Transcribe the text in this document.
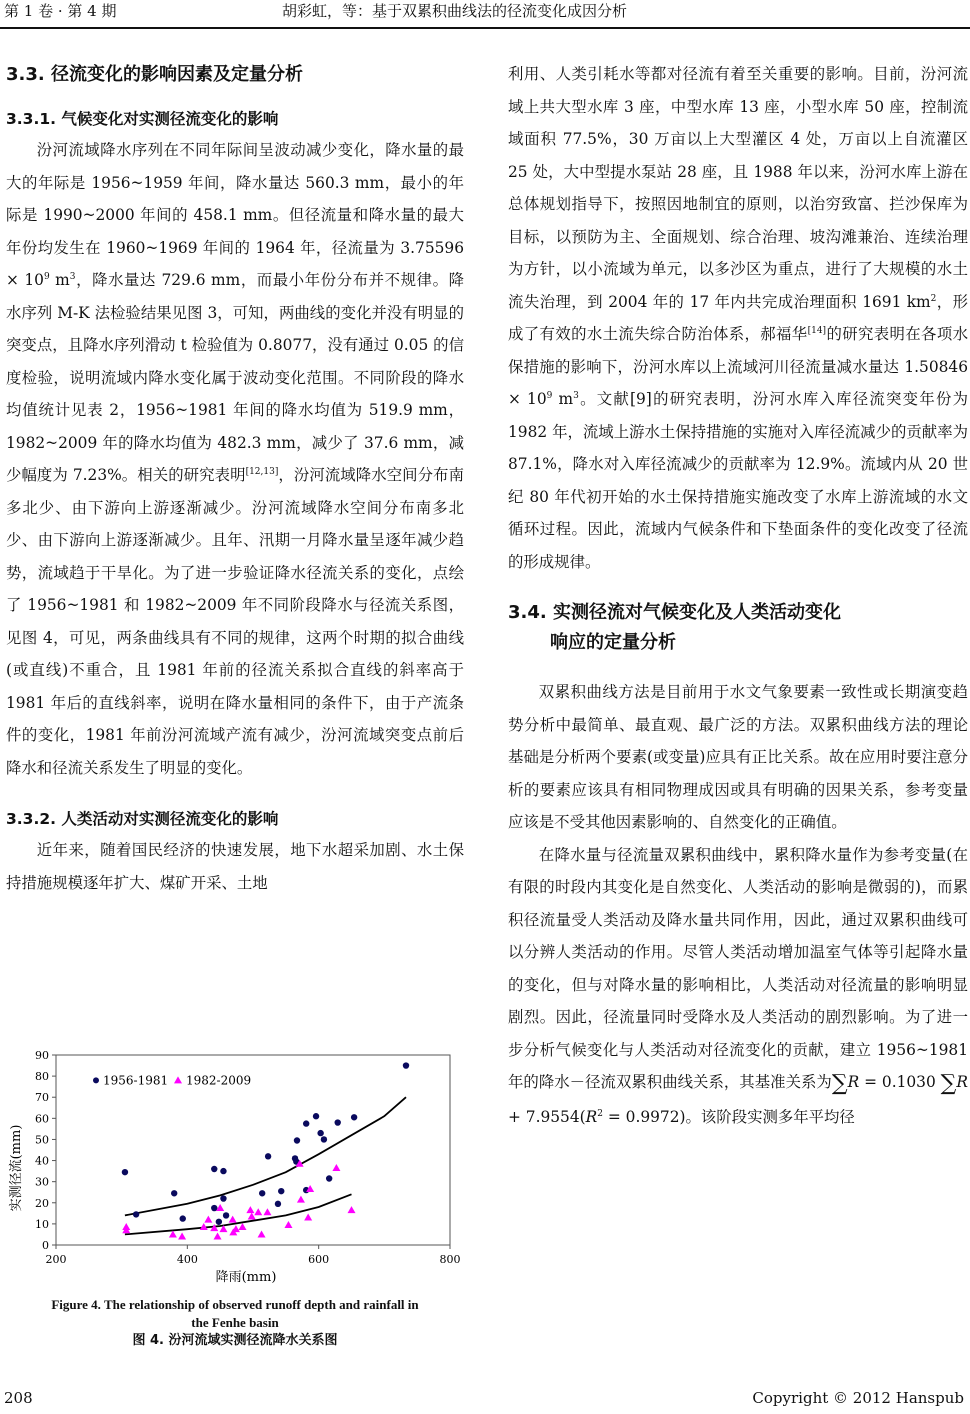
第 1 卷 · 第 4 期	胡彩虹，等：基于双累积曲线法的径流变化成因分析
3.3. 径流变化的影响因素及定量分析
3.3.1. 气候变化对实测径流变化的影响

汾河流域降水序列在不同年际间呈波动减少变化，降水量的最大的年际是 1956~1959 年间，降水量达 560.3 mm，最小的年际是 1990~2000 年间的 458.1 mm。但径流量和降水量的最大年份均发生在 1960~1969 年间的 1964 年，径流量为 $3.75596 \times 10^9$ $m^3$，降水量达 729.6 mm，而最小年份分布并不规律。降水序列 M-K 法检验结果见图 3，可知，两曲线的变化并没有明显的突变点，且降水序列滑动 t 检验值为 0.8077，没有通过 0.05 的信度检验，说明流域内降水变化属于波动变化范围。不同阶段的降水均值统计见表 2，1956~1981 年间的降水均值为 519.9 mm，1982~2009 年的降水均值为 482.3 mm，减少了 37.6 mm，减少幅度为 7.23%。相关的研究表明[12,13]，汾河流域降水空间分布南多北少、由下游向上游逐渐减少。汾河流域降水空间分布南多北少、由下游向上游逐渐减少。且年、汛期一月降水量呈逐年减少趋势，流域趋于干旱化。为了进一步验证降水径流关系的变化，点绘了 1956~1981 和 1982~2009 年不同阶段降水与径流关系图，见图 4，可见，两条曲线具有不同的规律，这两个时期的拟合曲线(或直线)不重合，且 1981 年前的径流关系拟合直线的斜率高于 1981 年后的直线斜率，说明在降水量相同的条件下，由于产流条件的变化，1981 年前汾河流域产流有减少，汾河流域突变点前后降水和径流关系发生了明显的变化。

3.3.2. 人类活动对实测径流变化的影响

近年来，随着国民经济的快速发展，地下水超采加剧、水土保持措施规模逐年扩大、煤矿开采、土地

利用、人类引耗水等都对径流有着至关重要的影响。目前，汾河流域上共大型水库 3 座，中型水库 13 座，小型水库 50 座，控制流域面积 77.5%，30 万亩以上大型灌区 4 处，万亩以上自流灌区 25 处，大中型提水泵站 28 座，且 1988 年以来，汾河水库上游在总体规划指导下，按照因地制宜的原则，以治穷致富、拦沙保库为目标，以预防为主、全面规划、综合治理、坡沟滩兼治、连续治理为方针，以小流域为单元，以多沙区为重点，进行了大规模的水土流失治理，到 2004 年的 17 年内共完成治理面积 1691 $km^2$，形成了有效的水土流失综合防治体系，郝福华[14]的研究表明在各项水保措施的影响下，汾河水库以上流域河川径流量减水量达 $1.50846 \times 10^9$ $m^3$。文献[9]的研究表明，汾河水库入库径流突变年份为 1982 年，流域上游水土保持措施的实施对入库径流减少的贡献率为 87.1%，降水对入库径流减少的贡献率为 12.9%。流域内从 20 世纪 80 年代初开始的水土保持措施实施改变了水库上游流域的水文循环过程。因此，流域内气候条件和下垫面条件的变化改变了径流的形成规律。

3.4. 实测径流对气候变化及人类活动变化
响应的定量分析

双累积曲线方法是目前用于水文气象要素一致性或长期演变趋势分析中最简单、最直观、最广泛的方法。双累积曲线方法的理论基础是分析两个要素(或变量)应具有正比关系。故在应用时要注意分析的要素应该具有相同物理成因或具有明确的因果关系，参考变量应该是不受其他因素影响的、自然变化的正确值。

在降水量与径流量双累积曲线中，累积降水量作为参考变量(在有限的时段内其变化是自然变化、人类活动的影响是微弱的)，而累积径流量受人类活动及降水量共同作用，因此，通过双累积曲线可以分辨人类活动的作用。尽管人类活动增加温室气体等引起降水量的变化，但与对降水量的影响相比，人类活动对径流量的影响明显剧烈。因此，径流量同时受降水及人类活动的剧烈影响。为了进一步分析气候变化与人类活动对径流变化的贡献，建立 1956~1981 年的降水－径流双累积曲线关系，其基准关系为∑R = 0.1030 $\sum R + 7.9554(R^2 = 0.9972)$。该阶段实测多年平均径

0
10
20
30
40
50
60
70
80
90
200	400	600	800
1956-1981 1982-2009
降雨(mm)
实测径流(mm)
Figure 4. The relationship of observed runoff depth and rainfall in
the Fenhe basin
图 4. 汾河流域实测径流降水关系图
208	Copyright © 2012 Hanspub
